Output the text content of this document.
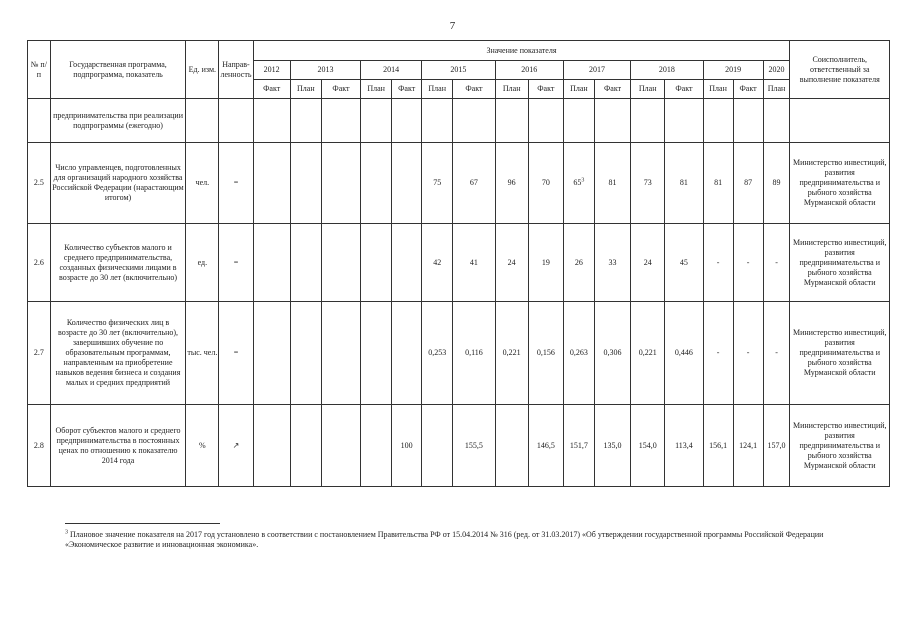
7
№ п/п	Государственная программа, подпрограмма, показатель	Ед. изм.	Направ-ленность	Значение показателя																Соисполнитель, ответственный за выполнение показателя
				2012	2013		2014		2015		2016		2017		2018		2019		2020	
				Факт	План	Факт	План	Факт	План	Факт	План	Факт	План	Факт	План	Факт	План	Факт	План	
	предпринимательства при реализации подпрограммы (ежегодно)																			
2.5	Число управленцев, подготовленных для организаций народного хозяйства Российской Федерации (нарастающим итогом)	чел.	=						75	67	96	70	$65^3$	81	73	81	81	87	89	Министерство инвестиций, развития предпринимательства и рыбного хозяйства Мурманской области
2.6	Количество субъектов малого и среднего предпринимательства, созданных физическими лицами в возрасте до 30 лет (включительно)	ед.	=						42	41	24	19	26	33	24	45	-	-	-	Министерство инвестиций, развития предпринимательства и рыбного хозяйства Мурманской области
2.7	Количество физических лиц в возрасте до 30 лет (включительно), завершивших обучение по образовательным программам, направленным на приобретение навыков ведения бизнеса и создания малых и средних предприятий	тыс. чел.	=						0,253	0,116	0,221	0,156	0,263	0,306	0,221	0,446	-	-	-	Министерство инвестиций, развития предпринимательства и рыбного хозяйства Мурманской области
2.8	Оборот субъектов малого и среднего предпринимательства в постоянных ценах по отношению к показателю 2014 года	%	↗					100		155,5		146,5	151,7	135,0	154,0	113,4	156,1	124,1	157,0	Министерство инвестиций, развития предпринимательства и рыбного хозяйства Мурманской области
$^3$ Плановое значение показателя на 2017 год установлено в соответствии с постановлением Правительства РФ от 15.04.2014 № 316 (ред. от 31.03.2017) «Об утверждении государственной программы Российской Федерации «Экономическое развитие и инновационная экономика».
